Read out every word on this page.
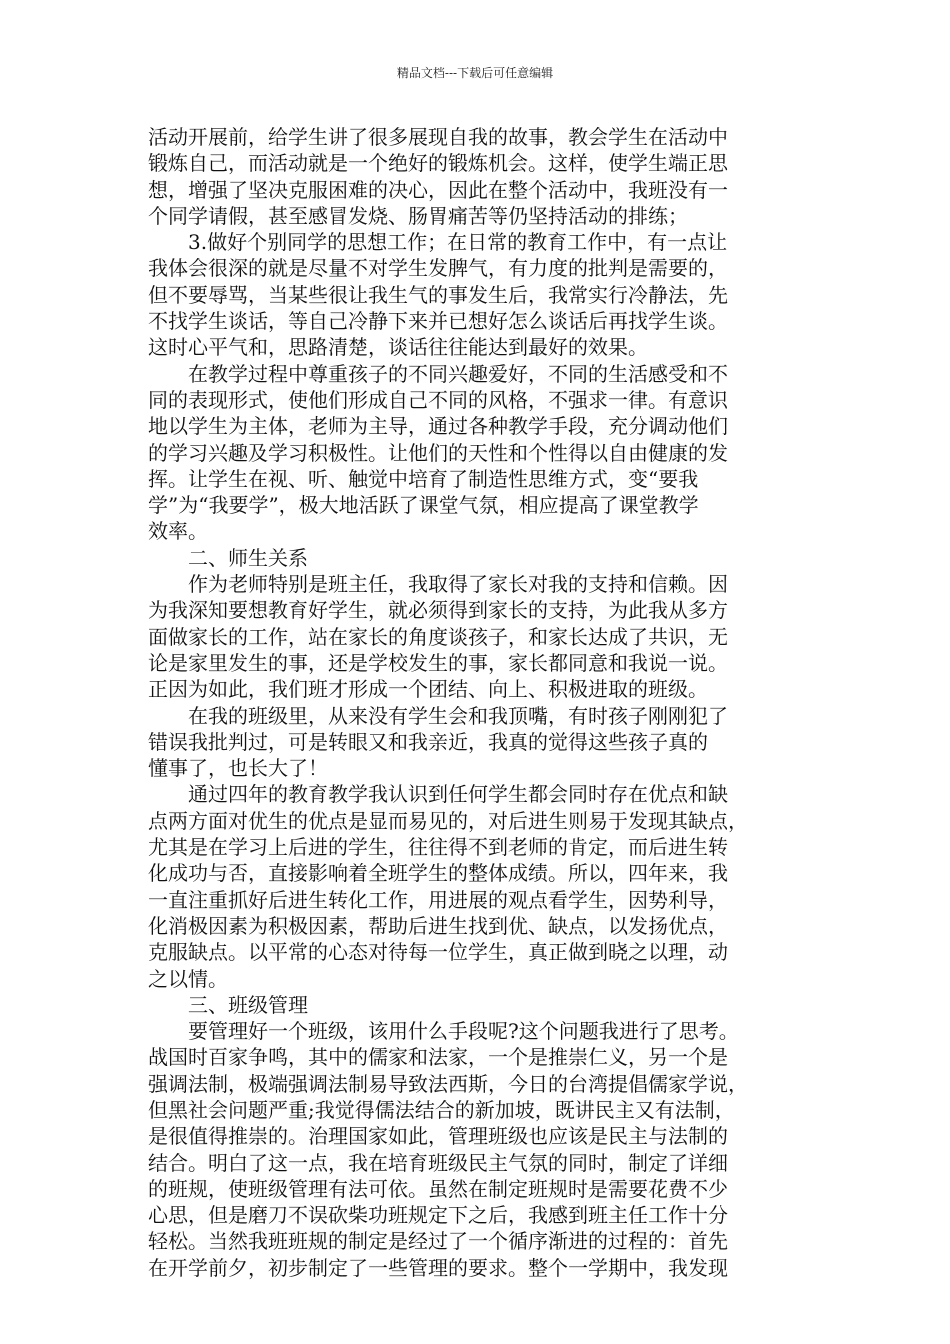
精品文档---下载后可任意编辑
活动开展前，给学生讲了很多展现自我的故事，教会学生在活动中
锻炼自己，而活动就是一个绝好的锻炼机会。这样，使学生端正思
想，增强了坚决克服困难的决心，因此在整个活动中，我班没有一
个同学请假，甚至感冒发烧、肠胃痛苦等仍坚持活动的排练；
3.做好个别同学的思想工作；在日常的教育工作中，有一点让
我体会很深的就是尽量不对学生发脾气，有力度的批判是需要的，
但不要辱骂，当某些很让我生气的事发生后，我常实行冷静法，先
不找学生谈话，等自己冷静下来并已想好怎么谈话后再找学生谈。
这时心平气和，思路清楚，谈话往往能达到最好的效果。
在教学过程中尊重孩子的不同兴趣爱好，不同的生活感受和不
同的表现形式，使他们形成自己不同的风格，不强求一律。有意识
地以学生为主体，老师为主导，通过各种教学手段，充分调动他们
的学习兴趣及学习积极性。让他们的天性和个性得以自由健康的发
挥。让学生在视、听、触觉中培育了制造性思维方式，变“要我
学”为“我要学”，极大地活跃了课堂气氛，相应提高了课堂教学
效率。
二、师生关系
作为老师特别是班主任，我取得了家长对我的支持和信赖。因
为我深知要想教育好学生，就必须得到家长的支持，为此我从多方
面做家长的工作，站在家长的角度谈孩子，和家长达成了共识，无
论是家里发生的事，还是学校发生的事，家长都同意和我说一说。
正因为如此，我们班才形成一个团结、向上、积极进取的班级。
在我的班级里，从来没有学生会和我顶嘴，有时孩子刚刚犯了
错误我批判过，可是转眼又和我亲近，我真的觉得这些孩子真的
懂事了，也长大了！
通过四年的教育教学我认识到任何学生都会同时存在优点和缺
点两方面对优生的优点是显而易见的，对后进生则易于发现其缺点，
尤其是在学习上后进的学生，往往得不到老师的肯定，而后进生转
化成功与否，直接影响着全班学生的整体成绩。所以，四年来，我
一直注重抓好后进生转化工作，用进展的观点看学生，因势利导，
化消极因素为积极因素，帮助后进生找到优、缺点，以发扬优点，
克服缺点。以平常的心态对待每一位学生，真正做到晓之以理，动
之以情。
三、班级管理
要管理好一个班级，该用什么手段呢?这个问题我进行了思考。
战国时百家争鸣，其中的儒家和法家，一个是推崇仁义，另一个是
强调法制，极端强调法制易导致法西斯，今日的台湾提倡儒家学说，
但黑社会问题严重;我觉得儒法结合的新加坡，既讲民主又有法制，
是很值得推崇的。治理国家如此，管理班级也应该是民主与法制的
结合。明白了这一点，我在培育班级民主气氛的同时，制定了详细
的班规，使班级管理有法可依。虽然在制定班规时是需要花费不少
心思，但是磨刀不误砍柴功班规定下之后，我感到班主任工作十分
轻松。当然我班班规的制定是经过了一个循序渐进的过程的：首先
在开学前夕，初步制定了一些管理的要求。整个一学期中，我发现
